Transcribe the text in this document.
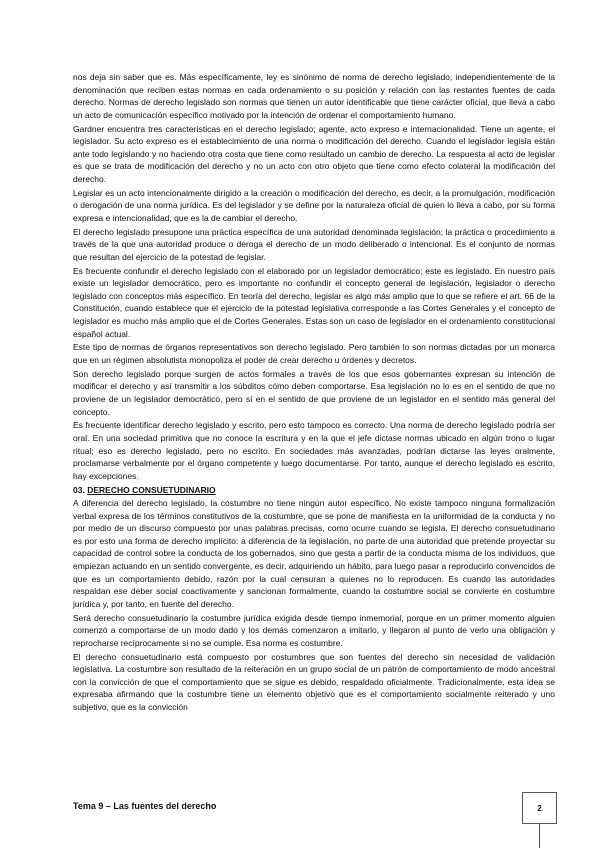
nos deja sin saber que es. Más específicamente, ley es sinónimo de norma de derecho legislado, independientemente de la denominación que reciben estas normas en cada ordenamiento o su posición y relación con las restantes fuentes de cada derecho. Normas de derecho legislado son normas que tienen un autor identificable que tiene carácter oficial, que lleva a cabo un acto de comunicación específico motivado por la intención de ordenar el comportamiento humano.

Gardner encuentra tres características en el derecho legislado; agente, acto expreso e internacionalidad. Tiene un agente, el legislador. Su acto expreso es el establecimiento de una norma o modificación del derecho. Cuando el legislador legisla están ante todo legislando y no haciendo otra costa que tiene como resultado un cambio de derecho. La respuesta al acto de legislar es que se trata de modificación del derecho y no un acto con otro objeto que tiene como efecto colateral la modificación del derecho.

Legislar es un acto intencionalmente dirigido a la creación o modificación del derecho, es decir, a la promulgación, modificación o derogación de una norma jurídica. Es del legislador y se define por la naturaleza oficial de quien lo lleva a cabo, por su forma expresa e intencionalidad, que es la de cambiar el derecho.

El derecho legislado presupone una práctica específica de una autoridad denominada legislación; la práctica o procedimiento a través de la que una autoridad produce o deroga el derecho de un modo deliberado o intencional. Es el conjunto de normas que resultan del ejercicio de la potestad de legislar.

Es frecuente confundir el derecho legislado con el elaborado por un legislador democrático; este es legislado. En nuestro país existe un legislador democrático, pero es importante no confundir el concepto general de legislación, legislador o derecho legislado con conceptos más específico. En teoría del derecho, legislar es algo más amplio que lo que se refiere el art. 66 de la Constitución, cuando establece que el ejercicio de la potestad legislativa corresponde a las Cortes Generales y el concepto de legislador es mucho más amplio que el de Cortes Generales. Estas son un caso de legislador en el ordenamiento constitucional español actual.

Este tipo de normas de órganos representativos son derecho legislado. Pero también lo son normas dictadas por un monarca que en un régimen absolutista monopoliza el poder de crear derecho u órdenes y decretos.

Son derecho legislado porque surgen de actos formales a través de los que esos gobernantes expresan su intención de modificar el derecho y así transmitir a los súbditos cómo deben comportarse. Esa legislación no lo es en el sentido de que no proviene de un legislador democrático, pero sí en el sentido de que proviene de un legislador en el sentido más general del concepto.

Es frecuente identificar derecho legislado y escrito, pero esto tampoco es correcto. Una norma de derecho legislado podría ser oral. En una sociedad primitiva que no conoce la escritura y en la que el jefe dictase normas ubicado en algún trono o lugar ritual; eso es derecho legislado, pero no escrito. En sociedades más avanzadas, podrían dictarse las leyes oralmente, proclamarse verbalmente por el órgano competente y luego documentarse. Por tanto, aunque el derecho legislado es escrito, hay excepciones.

03. DERECHO CONSUETUDINARIO

A diferencia del derecho legislado, la costumbre no tiene ningún autor específico. No existe tampoco ninguna formalización verbal expresa de los términos constitutivos de la costumbre, que se pone de manifiesta en la uniformidad de la conducta y no por medio de un discurso compuesto por unas palabras precisas, como ocurre cuando se legisla. El derecho consuetudinario es por esto una forma de derecho implícito: a diferencia de la legislación, no parte de una autoridad que pretende proyectar su capacidad de control sobre la conducta de los gobernados, sino que gesta a partir de la conducta misma de los individuos, que empiezan actuando en un sentido convergente, es decir, adquiriendo un hábito, para luego pasar a reproducirlo convencidos de que es un comportamiento debido, razón por la cual censuran a quienes no lo reproducen. Es cuando las autoridades respaldan ese deber social coactivamente y sancionan formalmente, cuando la costumbre social se convierte en costumbre jurídica y, por tanto, en fuente del derecho.

Será derecho consuetudinario la costumbre jurídica exigida desde tiempo inmemorial, porque en un primer momento alguien comenzó a comportarse de un modo dado y los demás comenzaron a imitarlo, y llegaron al punto de verlo una obligación y reprocharse recíprocamente si no se cumple. Esa norma es costumbre.

El derecho consuetudinario está compuesto por costumbres que son fuentes del derecho sin necesidad de validación legislativa. La costumbre son resultado de la reiteración en un grupo social de un patrón de comportamiento de modo ancestral con la convicción de que el comportamiento que se sigue es debido, respaldado oficialmente. Tradicionalmente, esta idea se expresaba afirmando que la costumbre tiene un elemento objetivo que es el comportamiento socialmente reiterado y uno subjetivo, que es la convicción

Tema 9 – Las fuentes del derecho	2
